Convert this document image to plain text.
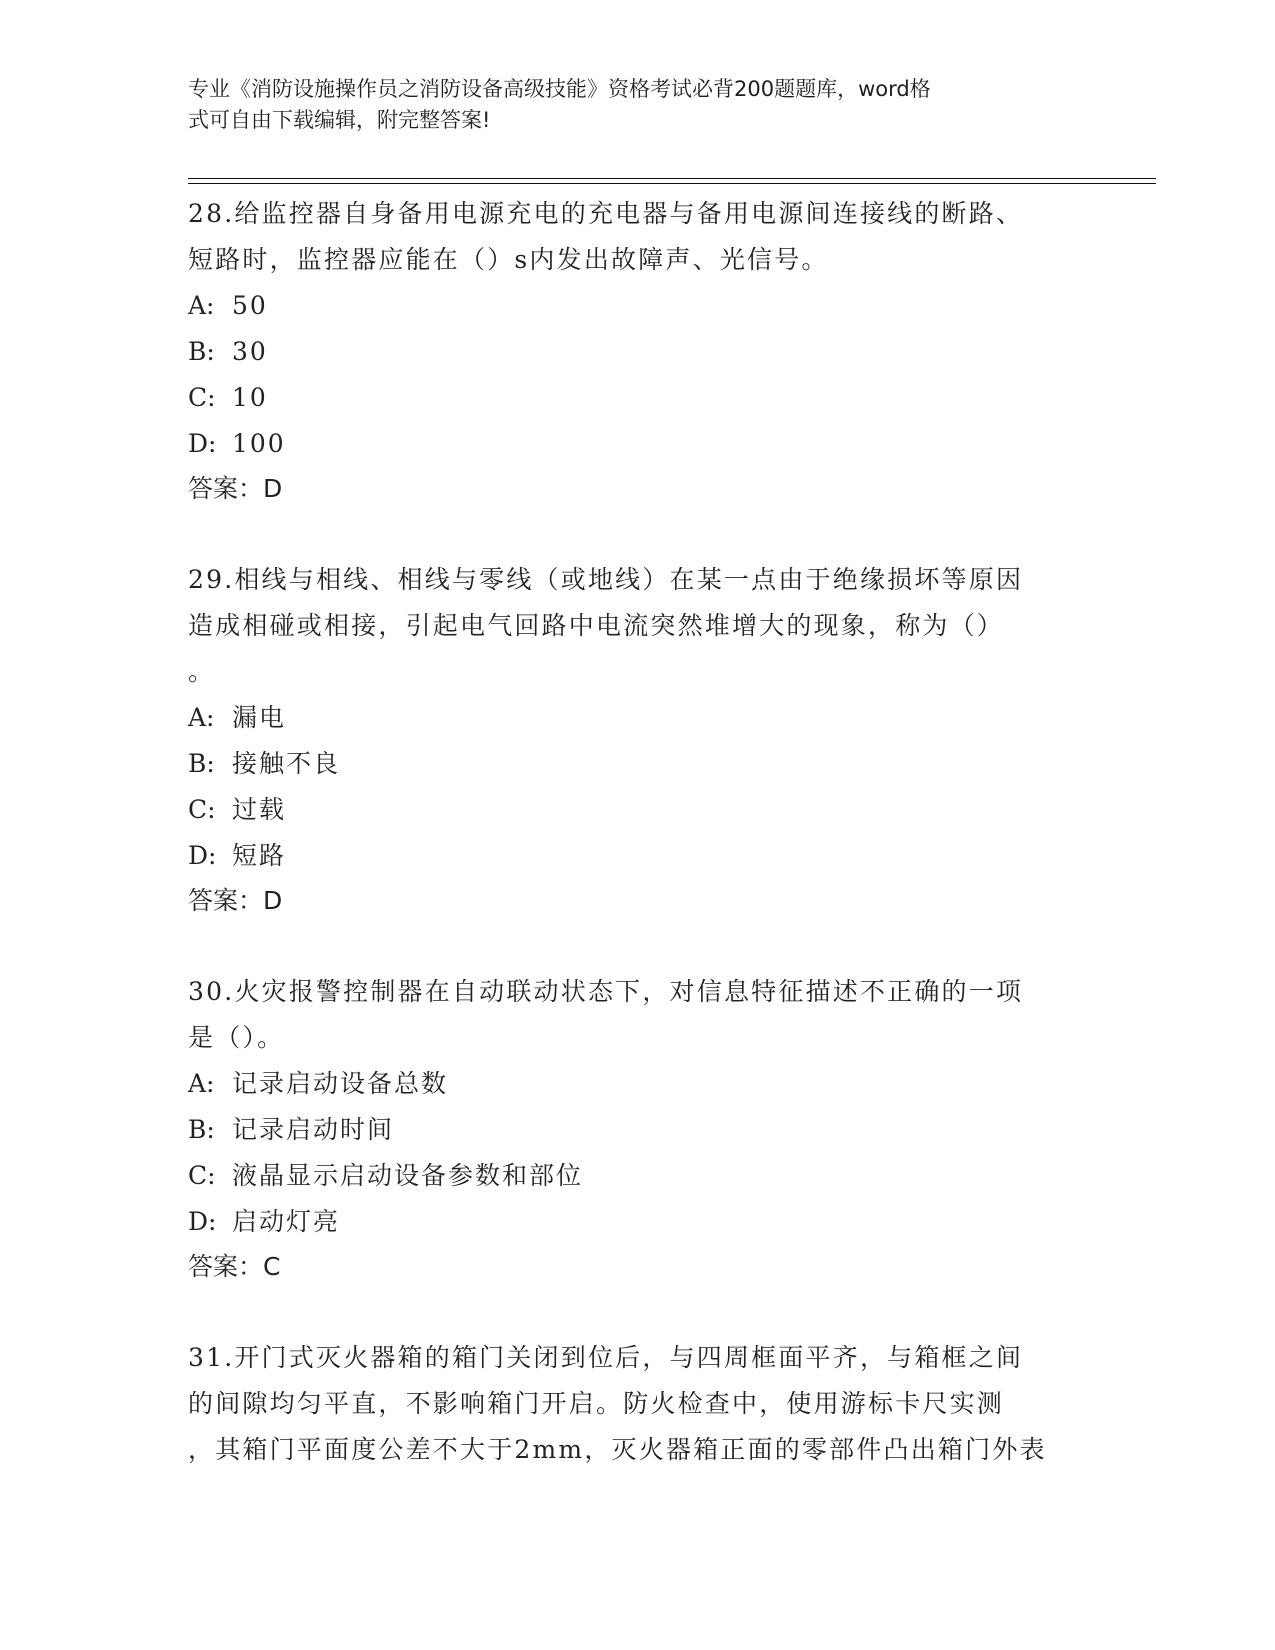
专业《消防设施操作员之消防设备高级技能》资格考试必背200题题库，word格
式可自由下载编辑，附完整答案!
28.给监控器自身备用电源充电的充电器与备用电源间连接线的断路、
短路时，监控器应能在（）s内发出故障声、光信号。
A: 50
B: 30
C: 10
D: 100
答案：D
29.相线与相线、相线与零线（或地线）在某一点由于绝缘损坏等原因
造成相碰或相接，引起电气回路中电流突然堆增大的现象，称为（）
。
A: 漏电
B: 接触不良
C: 过载
D: 短路
答案：D
30.火灾报警控制器在自动联动状态下，对信息特征描述不正确的一项
是（）。
A: 记录启动设备总数
B: 记录启动时间
C: 液晶显示启动设备参数和部位
D: 启动灯亮
答案：C
31.开门式灭火器箱的箱门关闭到位后，与四周框面平齐，与箱框之间
的间隙均匀平直，不影响箱门开启。防火检查中，使用游标卡尺实测
，其箱门平面度公差不大于2mm，灭火器箱正面的零部件凸出箱门外表
